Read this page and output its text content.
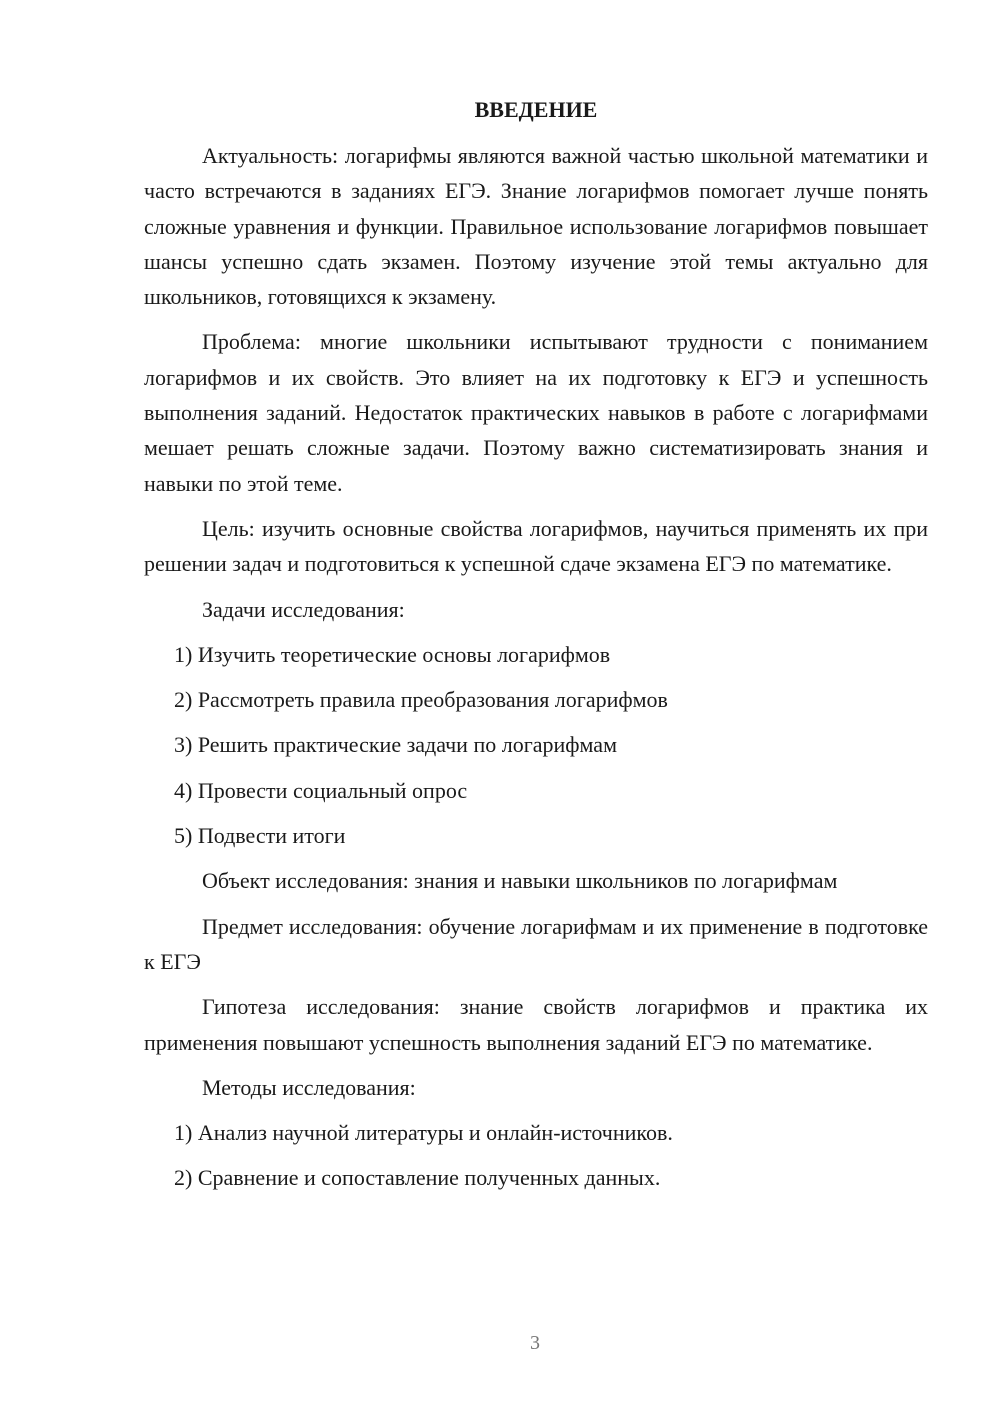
ВВЕДЕНИЕ

Актуальность: логарифмы являются важной частью школьной математики и часто встречаются в заданиях ЕГЭ. Знание логарифмов помогает лучше понять сложные уравнения и функции. Правильное использование логарифмов повышает шансы успешно сдать экзамен. Поэтому изучение этой темы актуально для школьников, готовящихся к экзамену.

Проблема: многие школьники испытывают трудности с пониманием логарифмов и их свойств. Это влияет на их подготовку к ЕГЭ и успешность выполнения заданий. Недостаток практических навыков в работе с логарифмами мешает решать сложные задачи. Поэтому важно систематизировать знания и навыки по этой теме.

Цель: изучить основные свойства логарифмов, научиться применять их при решении задач и подготовиться к успешной сдаче экзамена ЕГЭ по математике.

Задачи исследования:

1) Изучить теоретические основы логарифмов

2) Рассмотреть правила преобразования логарифмов

3) Решить практические задачи по логарифмам

4) Провести социальный опрос

5) Подвести итоги

Объект исследования: знания и навыки школьников по логарифмам

Предмет исследования: обучение логарифмам и их применение в подготовке к ЕГЭ

Гипотеза исследования: знание свойств логарифмов и практика их применения повышают успешность выполнения заданий ЕГЭ по математике.

Методы исследования:

1) Анализ научной литературы и онлайн-источников.

2) Сравнение и сопоставление полученных данных.

3
